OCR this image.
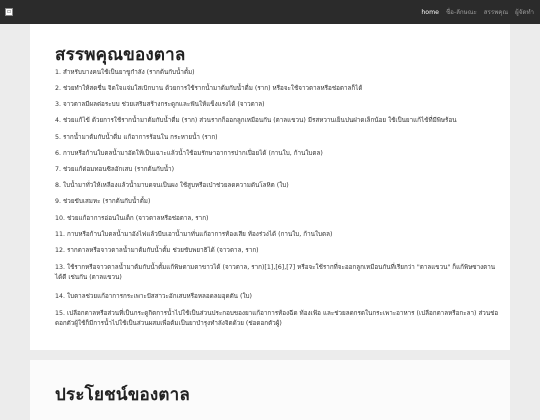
▫	home ชื่อ-ลักษณะ สรรพคุณ ผู้จัดทำ
สรรพคุณของตาล
1. สำหรับบางคนใช้เป็นยาขูกำลัง (รากต้นกับน้ำตั้ม)
2. ช่วยทำให้สดชื่น จิตใจแจ่มใสเบิกบาน ด้วยการใช้รากน้ำมาต้มกับน้ำดื่ม (ราก) หรือจะใช้จาวตาลหรือช่อตาลก็ได้
3. จาวตาลมีผลต่อระบบ ช่วยเสริมสร้างกระดูกและฟันให้แข็งแรงได้ (จาวตาล)
4. ช่วยแก้ไข้ ด้วยการใช้รากน้ำมาต้มกับน้ำดื่ม (ราก) ส่วนรากก็ออกลูกเหมือนกัน (ตาลแขวน) มีรสหวานเย็นปนฝาดเล็กน้อย ใช้เป็นยาแก้ไข้ที่มีพิษร้อน
5. รากน้ำมาต้มกับน้ำดื่ม แก้อาการร้อนใน กระหายน้ำ (ราก)
6. กาบหรือก้านใบตลน้ำมาอัดให้เป็นเฉาะแล้วน้ำใช้อมรักษาอาการปากเปื่อยได้ (กานใบ, ก้านใบตล)
7. ช่วยแก้ต่อมทอนซิลอักเสบ (รากต้นกับน้ำ)
8. ใบน้ำมาทั่วให้เหลืองแล้วน้ำมาบดจนเป็นผง ใช้สูบหรือเป่าช่วยลดความดันโลหิต (ใบ)
9. ช่วยขับเสมหะ (รากต้นกับน้ำตั้ม)
10. ช่วยแก้อาการอ่อนในเด็ก (จาวตาลหรือช่อตาล, ราก)
11. กาบหรือก้านใบตลน้ำมาอังไฟแล้วบีบเอาน้ำมาทั่นแก้อาการท้องเสีย ท้องร่วงได้ (กานใบ, ก้านใบตล)
12. รากตาลหรือจาวตาลน้ำมาต้มกับน้ำตั้ม ช่วยขับพยาธิได้ (จาวตาล, ราก)
13. ใช้รากหรือจาวตาลน้ำมาต้มกับน้ำตั้มแก้พิษตามตาขาวได้ (จาวตาล, ราก)[1],[6],[7] หรือจะใช้รากที่จะออกลูกเหมือนกันที่เรียกว่า "ตาลแขวน" ก็แก้พิษซางตานได้ดี เช่นกัน (ตาลแขวน)
14. ใบตาลช่วยแก้อาการกระเพาะปัสสาวะอักเสบหรือหลอดลมอุดตัน (ใบ)
15. เปลือกตาลหรือส่วนที่เป็นกระดูกิตการน้ำไปใช้เป็นส่วนประกอบของยาแก้อาการท้องฉีด ท้องเฟ้อ และช่วยลดกรดในกระเพาะอาหาร (เปลือกตาลหรือกะลา) ส่วนช่อดอกตัวผู้ใช้ก็มีการน้ำไปใช้เป็นส่วนผสมเพื่อต้มเป็นยาบำรุงทำลังจิตด้วย (ช่อดอกตัวผู้)
ประโยชน์ของตาล
